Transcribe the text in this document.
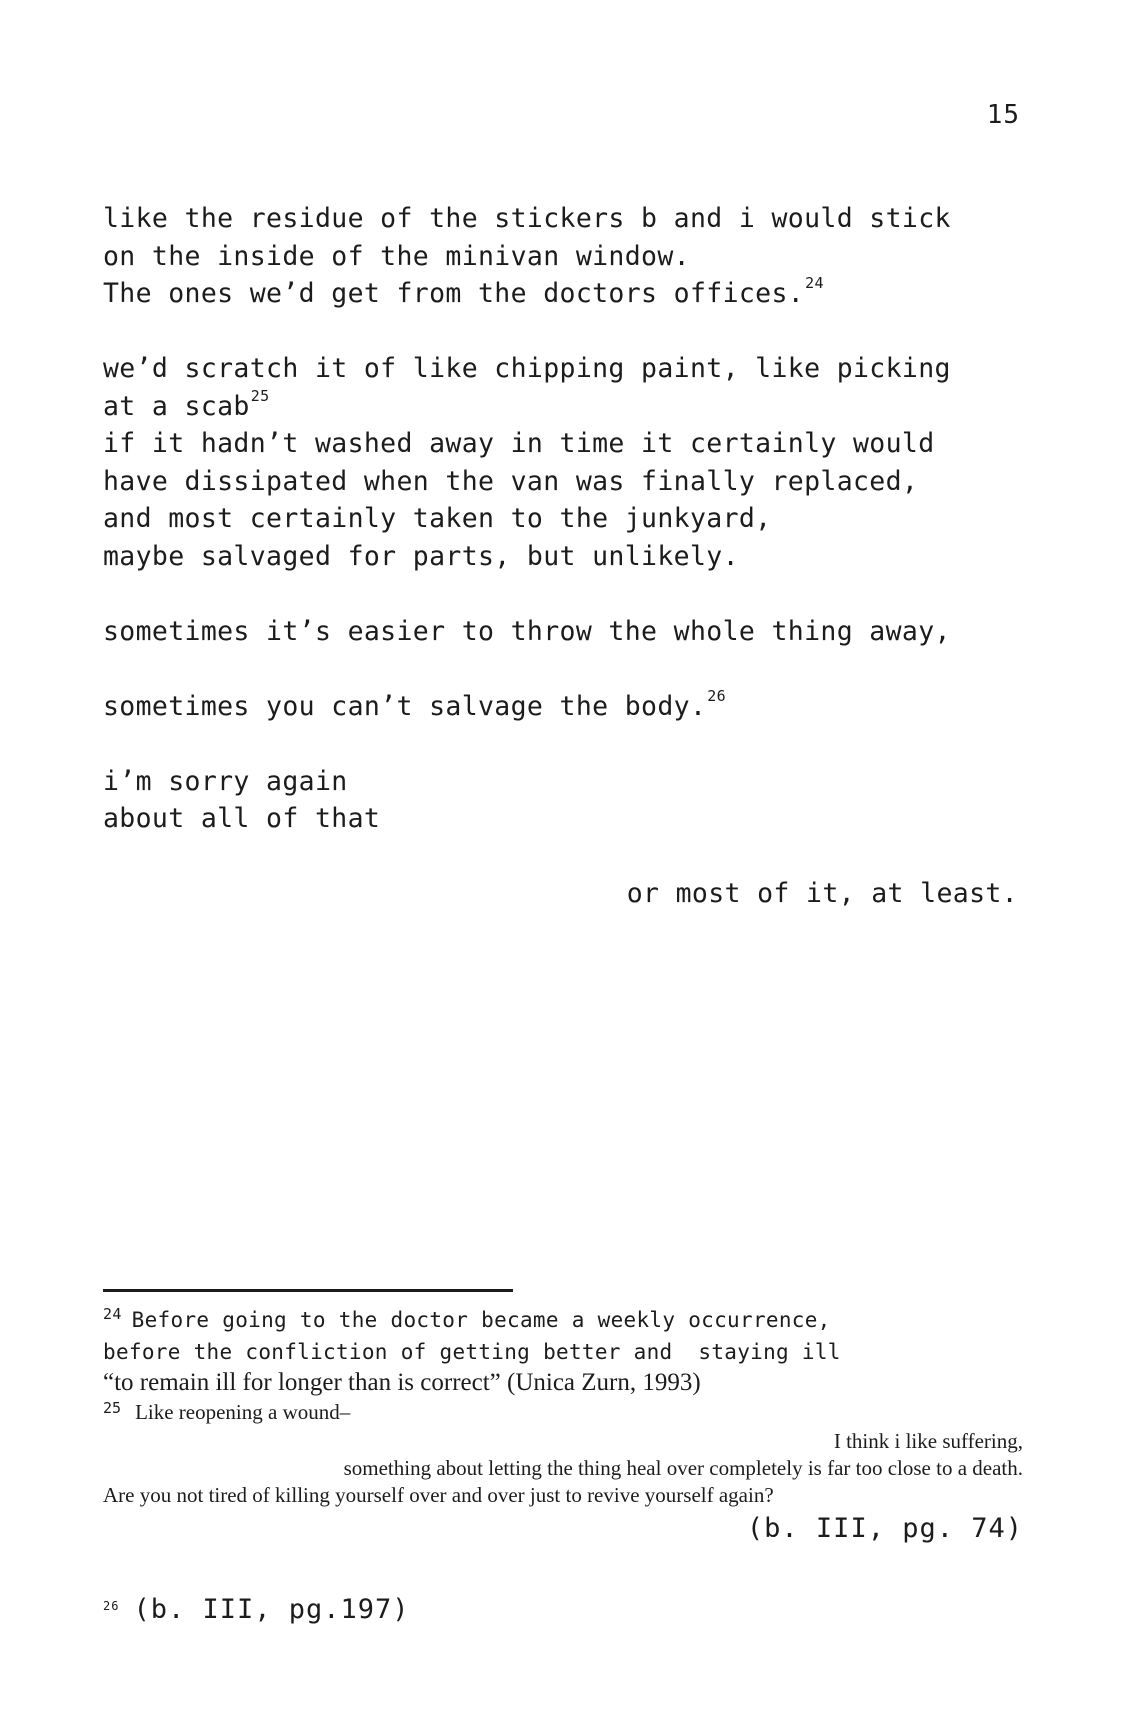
15
like the residue of the stickers b and i would stick
on the inside of the minivan window.
The ones we’d get from the doctors offices.$^{24}$
we’d scratch it of like chipping paint, like picking
at a scab$^{25}$
if it hadn’t washed away in time it certainly would
have dissipated when the van was finally replaced,
and most certainly taken to the junkyard,
maybe salvaged for parts, but unlikely.
sometimes it’s easier to throw the whole thing away,
sometimes you can’t salvage the body.$^{26}$
i’m sorry again
about all of that
or most of it, at least.
$^{24}$ Before going to the doctor became a weekly occurrence,
before the confliction of getting better and  staying ill
“to remain ill for longer than is correct” (Unica Zurn, 1993)
$^{25}$ Like reopening a wound–
I think i like suffering,
something about letting the thing heal over completely is far too close to a death.
Are you not tired of killing yourself over and over just to revive yourself again?
(b. III, pg. 74)
$^{26}$ (b. III, pg.197)
